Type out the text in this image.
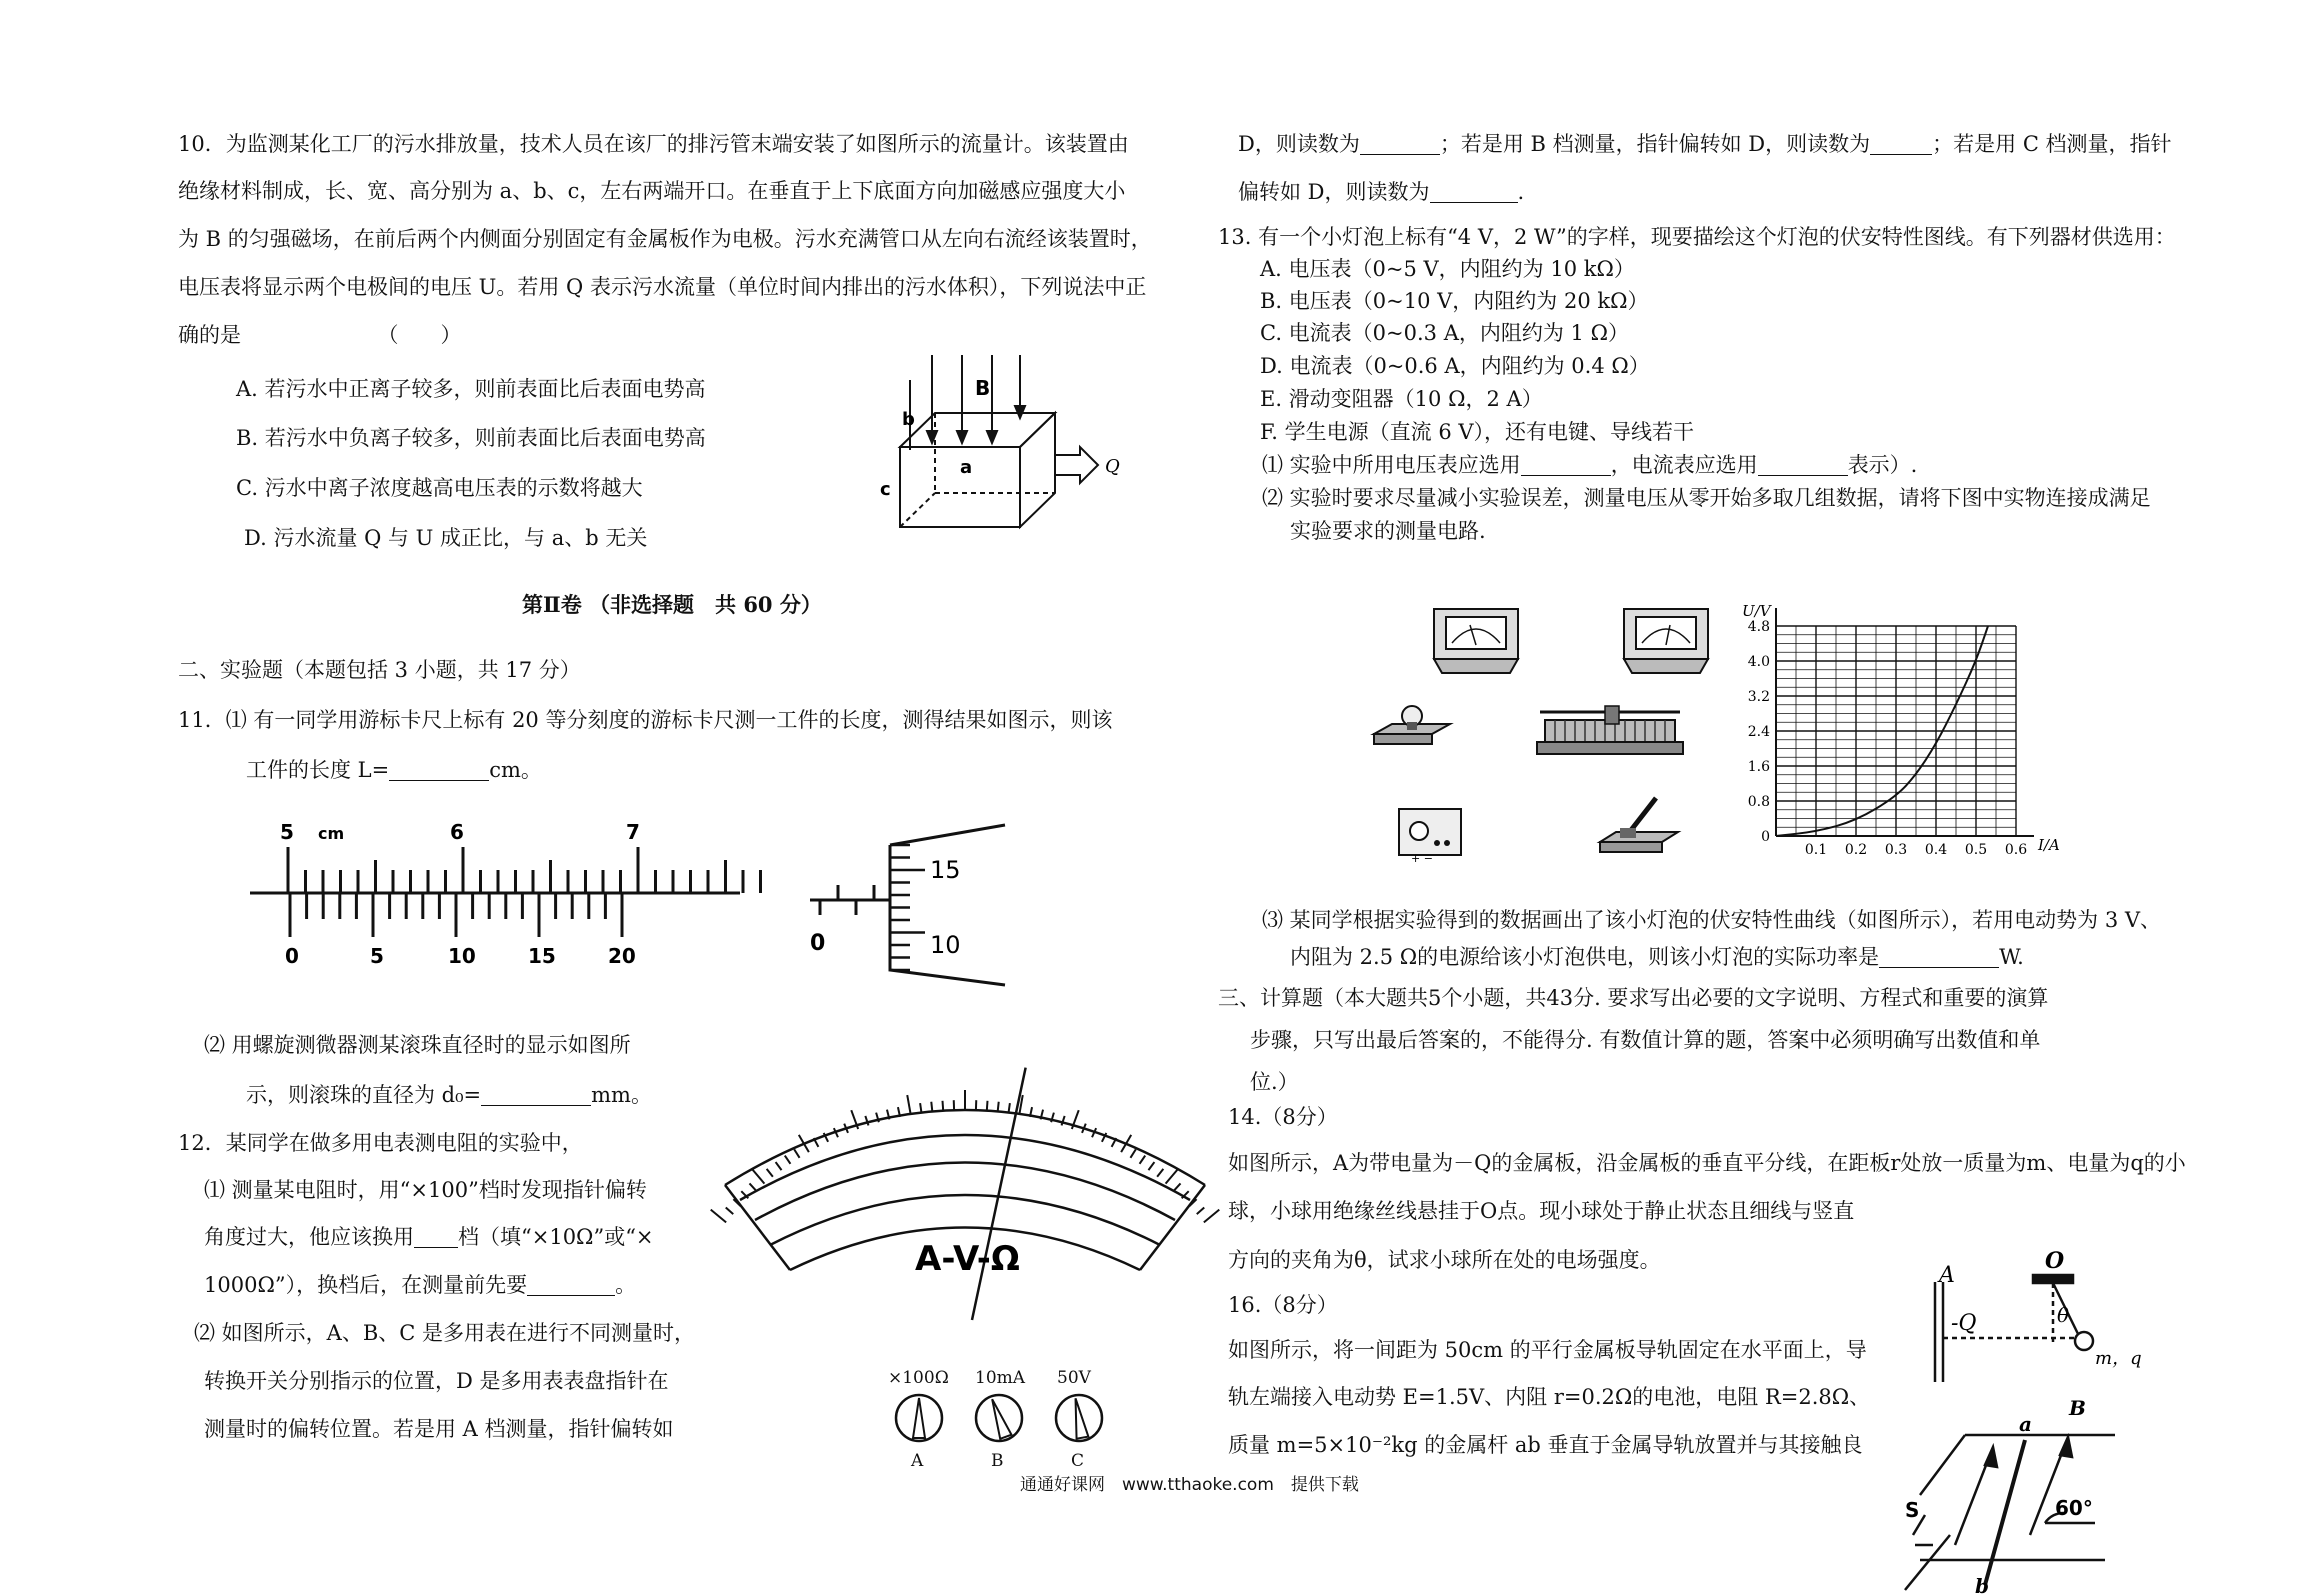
10．为监测某化工厂的污水排放量，技术人员在该厂的排污管末端安装了如图所示的流量计。该装置由
绝缘材料制成，长、宽、高分别为 a、b、c，左右两端开口。在垂直于上下底面方向加磁感应强度大小
为 B 的匀强磁场，在前后两个内侧面分别固定有金属板作为电极。污水充满管口从左向右流经该装置时，
电压表将显示两个电极间的电压 U。若用 Q 表示污水流量（单位时间内排出的污水体积），下列说法中正
确的是　　　　　　　（　　）
A. 若污水中正离子较多，则前表面比后表面电势高
B. 若污水中负离子较多，则前表面比后表面电势高
C. 污水中离子浓度越高电压表的示数将越大
D. 污水流量 Q 与 U 成正比，与 a、b 无关
B
b
a
c
Q
第Ⅱ卷 （非选择题　共 60 分）
二、实验题（本题包括 3 小题，共 17 分）
11．⑴ 有一同学用游标卡尺上标有 20 等分刻度的游标卡尺测一工件的长度，测得结果如图示，则该
工件的长度 L=	cm。
5 cm	6	7
0	5	10	15	20
15
0	10
⑵ 用螺旋测微器测某滚珠直径时的显示如图所
示，则滚珠的直径为 d₀=	mm。
12．某同学在做多用电表测电阻的实验中，
⑴ 测量某电阻时，用“×100”档时发现指针偏转
角度过大，他应该换用 档（填“×10Ω”或“×
1000Ω”），换档后，在测量前先要	。
⑵ 如图所示，A、B、C 是多用表在进行不同测量时，
转换开关分别指示的位置，D 是多用表表盘指针在
测量时的偏转位置。若是用 A 档测量，指针偏转如
A-V-Ω
×100Ω 10mA 50V
A	B	C
D，则读数为	；若是用 B 档测量，指针偏转如 D，则读数为	；若是用 C 档测量，指针
偏转如 D，则读数为	.
13. 有一个小灯泡上标有“4 V，2 W”的字样，现要描绘这个灯泡的伏安特性图线。有下列器材供选用：
A. 电压表（0~5 V，内阻约为 10 kΩ）
B. 电压表（0~10 V，内阻约为 20 kΩ）
C. 电流表（0~0.3 A，内阻约为 1 Ω）
D. 电流表（0~0.6 A，内阻约为 0.4 Ω）
E. 滑动变阻器（10 Ω，2 A）
F. 学生电源（直流 6 V），还有电键、导线若干
⑴ 实验中所用电压表应选用	，电流表应选用	表示）.
⑵ 实验时要求尽量减小实验误差，测量电压从零开始多取几组数据，请将下图中实物连接成满足
实验要求的测量电路.
+ −
4.8
4.0
3.2
2.4
1.6
0.8
0
0.1 0.2 0.3 0.4 0.5 0.6
U/V
I/A
⑶ 某同学根据实验得到的数据画出了该小灯泡的伏安特性曲线（如图所示），若用电动势为 3 V、
内阻为 2.5 Ω的电源给该小灯泡供电，则该小灯泡的实际功率是	W.
三、计算题（本大题共5个小题，共43分. 要求写出必要的文字说明、方程式和重要的演算
步骤，只写出最后答案的，不能得分. 有数值计算的题，答案中必须明确写出数值和单
位.）
14.（8分）
如图所示，A为带电量为－Q的金属板，沿金属板的垂直平分线，在距板r处放一质量为m、电量为q的小
球，小球用绝缘丝线悬挂于O点。现小球处于静止状态且细线与竖直
方向的夹角为θ，试求小球所在处的电场强度。
A
-Q
O
θ
m，q
16.（8分）
如图所示，将一间距为 50cm 的平行金属板导轨固定在水平面上，导
轨左端接入电动势 E=1.5V、内阻 r=0.2Ω的电池，电阻 R=2.8Ω、
质量 m=5×10⁻²kg 的金属杆 ab 垂直于金属导轨放置并与其接触良
a
b
B
S	60°
通通好课网　www.tthaoke.com　提供下载
